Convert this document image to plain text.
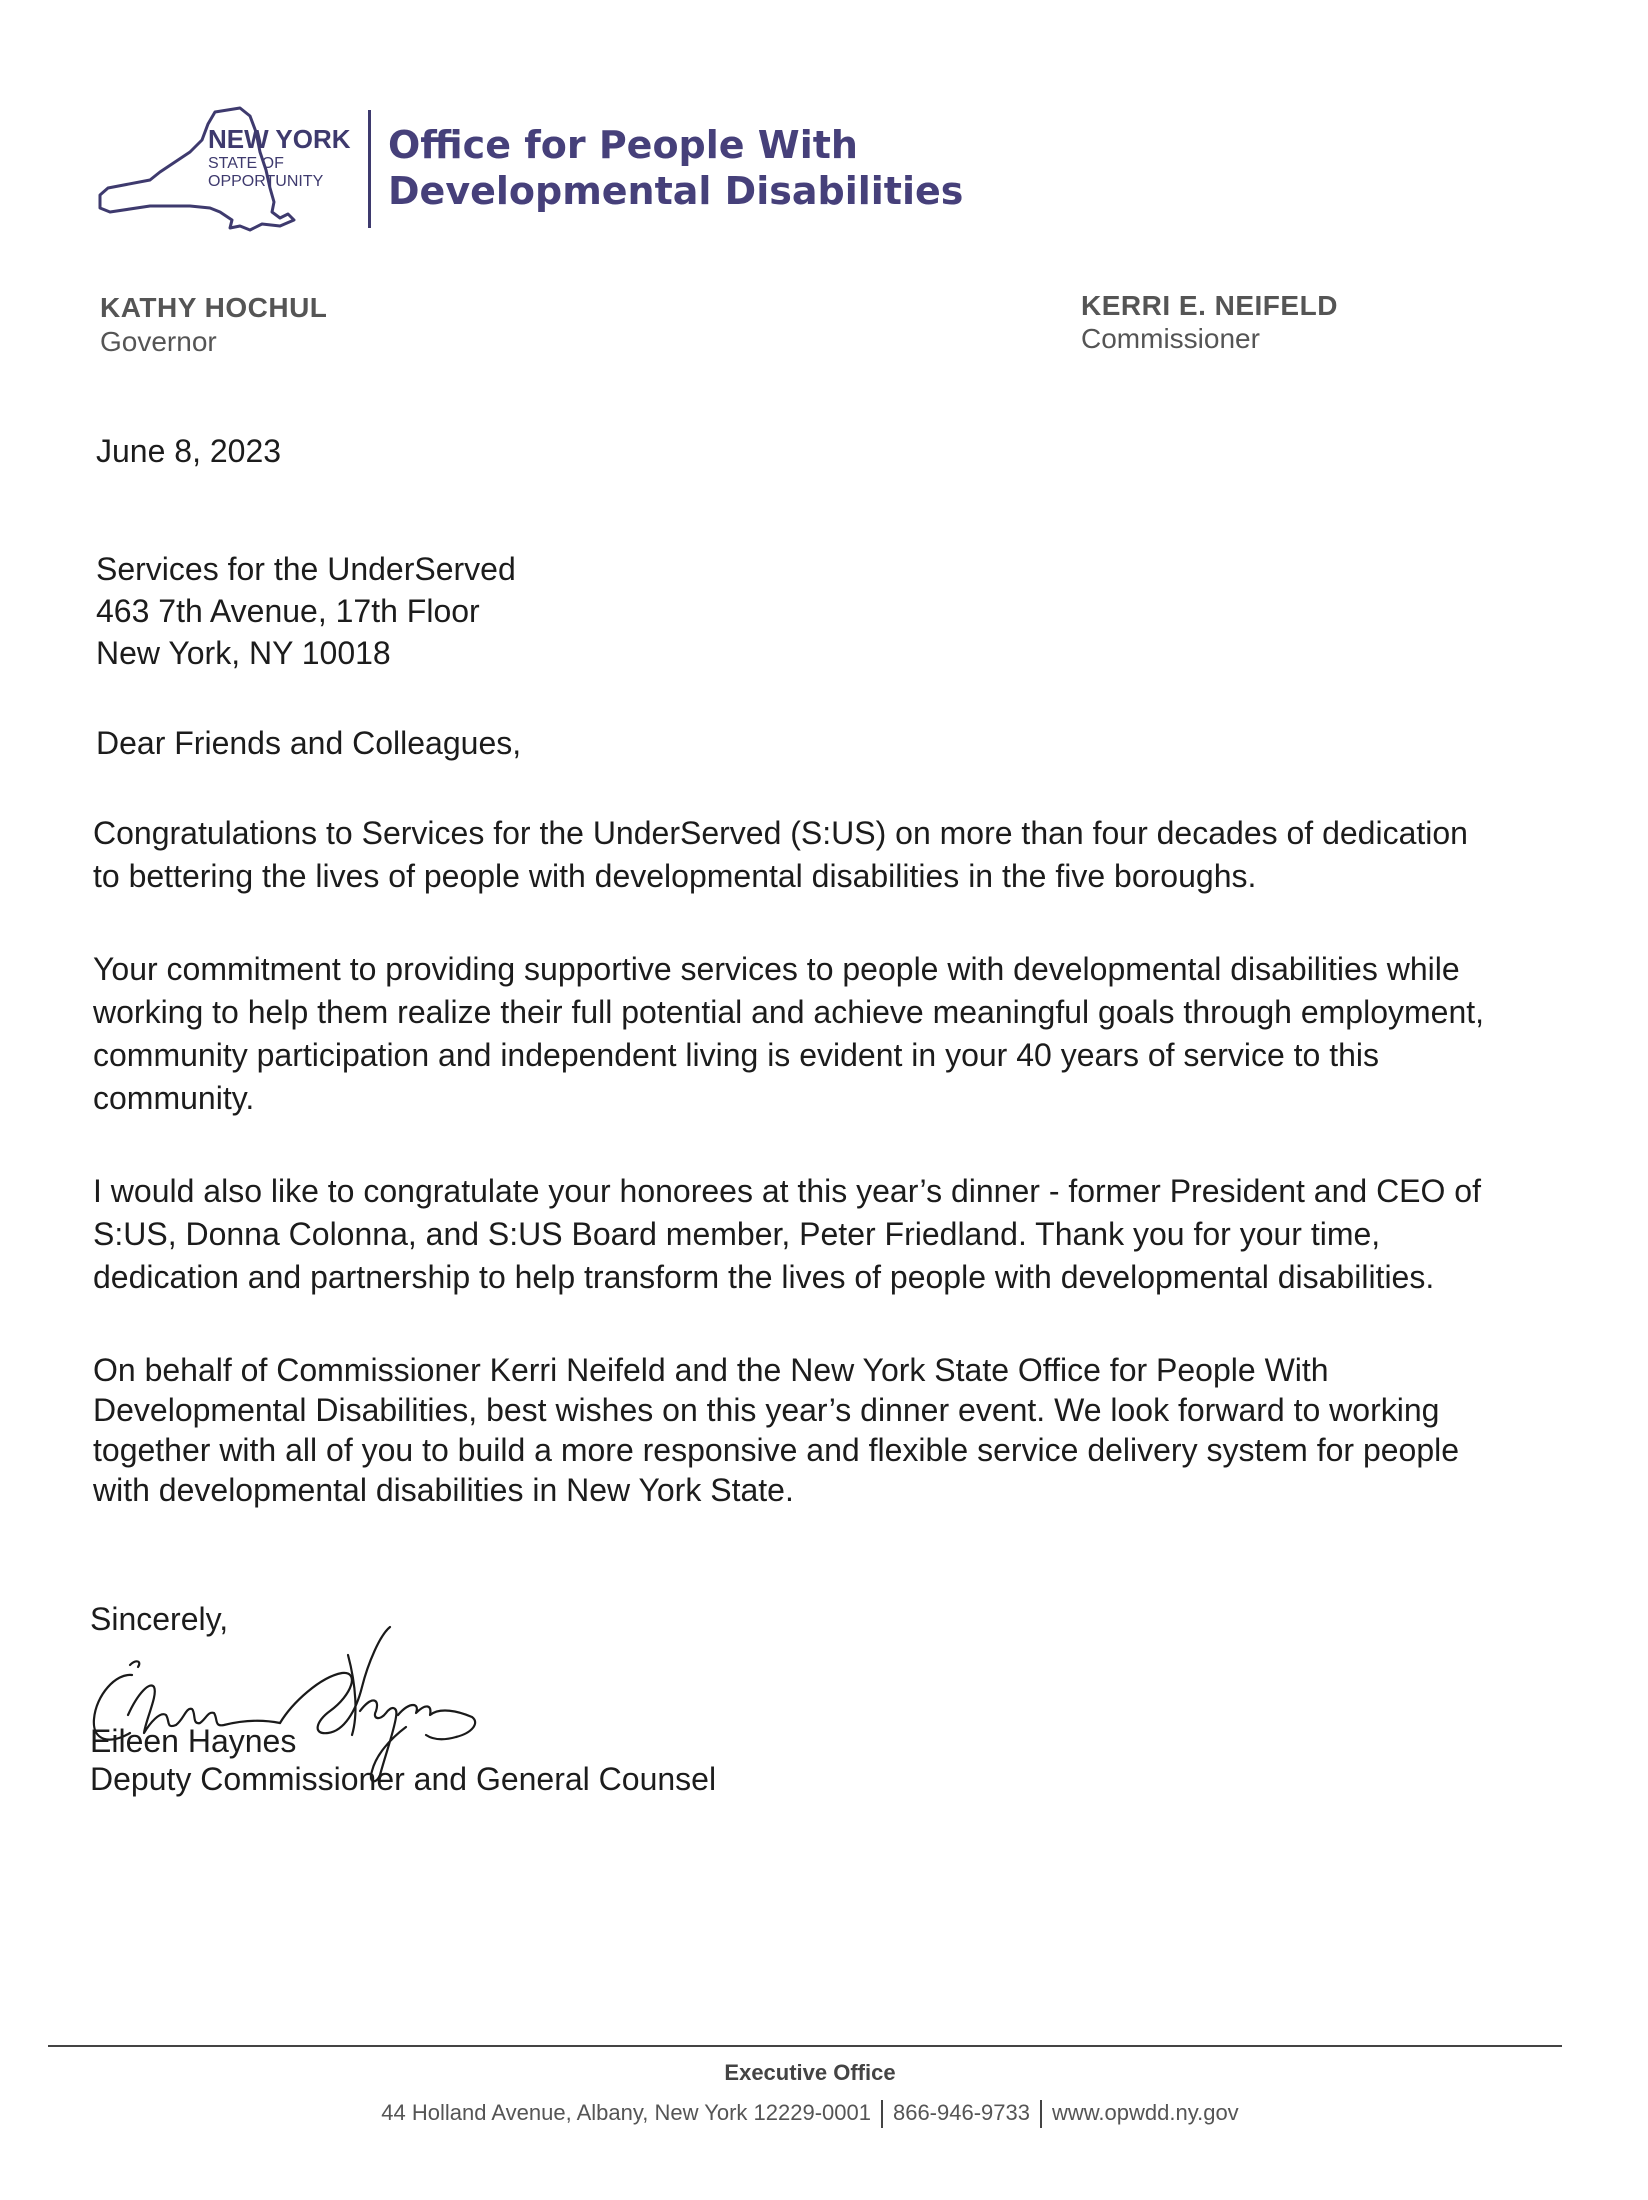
NEW YORK
STATE OF
OPPORTUNITY
Office for People With
Developmental Disabilities
KATHY HOCHUL
Governor
KERRI E. NEIFELD
Commissioner
June 8, 2023
Services for the UnderServed
463 7th Avenue, 17th Floor
New York, NY 10018
Dear Friends and Colleagues,
Congratulations to Services for the UnderServed (S:US) on more than four decades of dedication
to bettering the lives of people with developmental disabilities in the five boroughs.
Your commitment to providing supportive services to people with developmental disabilities while
working to help them realize their full potential and achieve meaningful goals through employment,
community participation and independent living is evident in your 40 years of service to this
community.
I would also like to congratulate your honorees at this year’s dinner - former President and CEO of
S:US, Donna Colonna, and S:US Board member, Peter Friedland. Thank you for your time,
dedication and partnership to help transform the lives of people with developmental disabilities.
On behalf of Commissioner Kerri Neifeld and the New York State Office for People With
Developmental Disabilities, best wishes on this year’s dinner event. We look forward to working
together with all of you to build a more responsive and flexible service delivery system for people
with developmental disabilities in New York State.
Sincerely,
Eileen Haynes
Deputy Commissioner and General Counsel
Executive Office
44 Holland Avenue, Albany, New York 12229-0001 866-946-9733 www.opwdd.ny.gov
